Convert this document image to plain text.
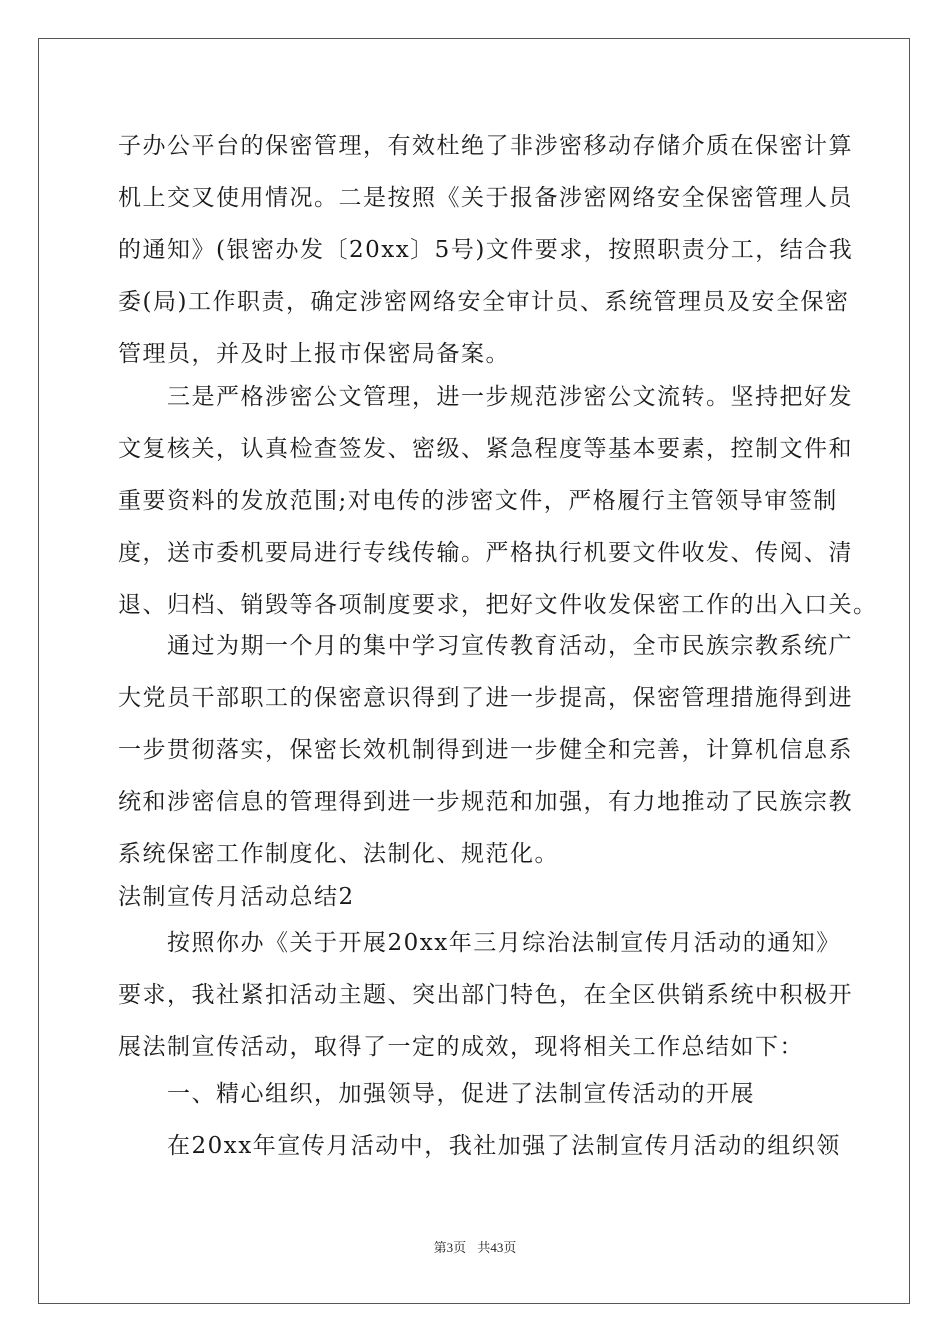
子办公平台的保密管理，有效杜绝了非涉密移动存储介质在保密计算
机上交叉使用情况。二是按照《关于报备涉密网络安全保密管理人员
的通知》(银密办发〔20xx〕5号)文件要求，按照职责分工，结合我
委(局)工作职责，确定涉密网络安全审计员、系统管理员及安全保密
管理员，并及时上报市保密局备案。
　　三是严格涉密公文管理，进一步规范涉密公文流转。坚持把好发
文复核关，认真检查签发、密级、紧急程度等基本要素，控制文件和
重要资料的发放范围;对电传的涉密文件，严格履行主管领导审签制
度，送市委机要局进行专线传输。严格执行机要文件收发、传阅、清
退、归档、销毁等各项制度要求，把好文件收发保密工作的出入口关。
　　通过为期一个月的集中学习宣传教育活动，全市民族宗教系统广
大党员干部职工的保密意识得到了进一步提高，保密管理措施得到进
一步贯彻落实，保密长效机制得到进一步健全和完善，计算机信息系
统和涉密信息的管理得到进一步规范和加强，有力地推动了民族宗教
系统保密工作制度化、法制化、规范化。
法制宣传月活动总结2
　　按照你办《关于开展20xx年三月综治法制宣传月活动的通知》
要求，我社紧扣活动主题、突出部门特色，在全区供销系统中积极开
展法制宣传活动，取得了一定的成效，现将相关工作总结如下：
　　一、精心组织，加强领导，促进了法制宣传活动的开展
　　在20xx年宣传月活动中，我社加强了法制宣传月活动的组织领
第3页 共43页
